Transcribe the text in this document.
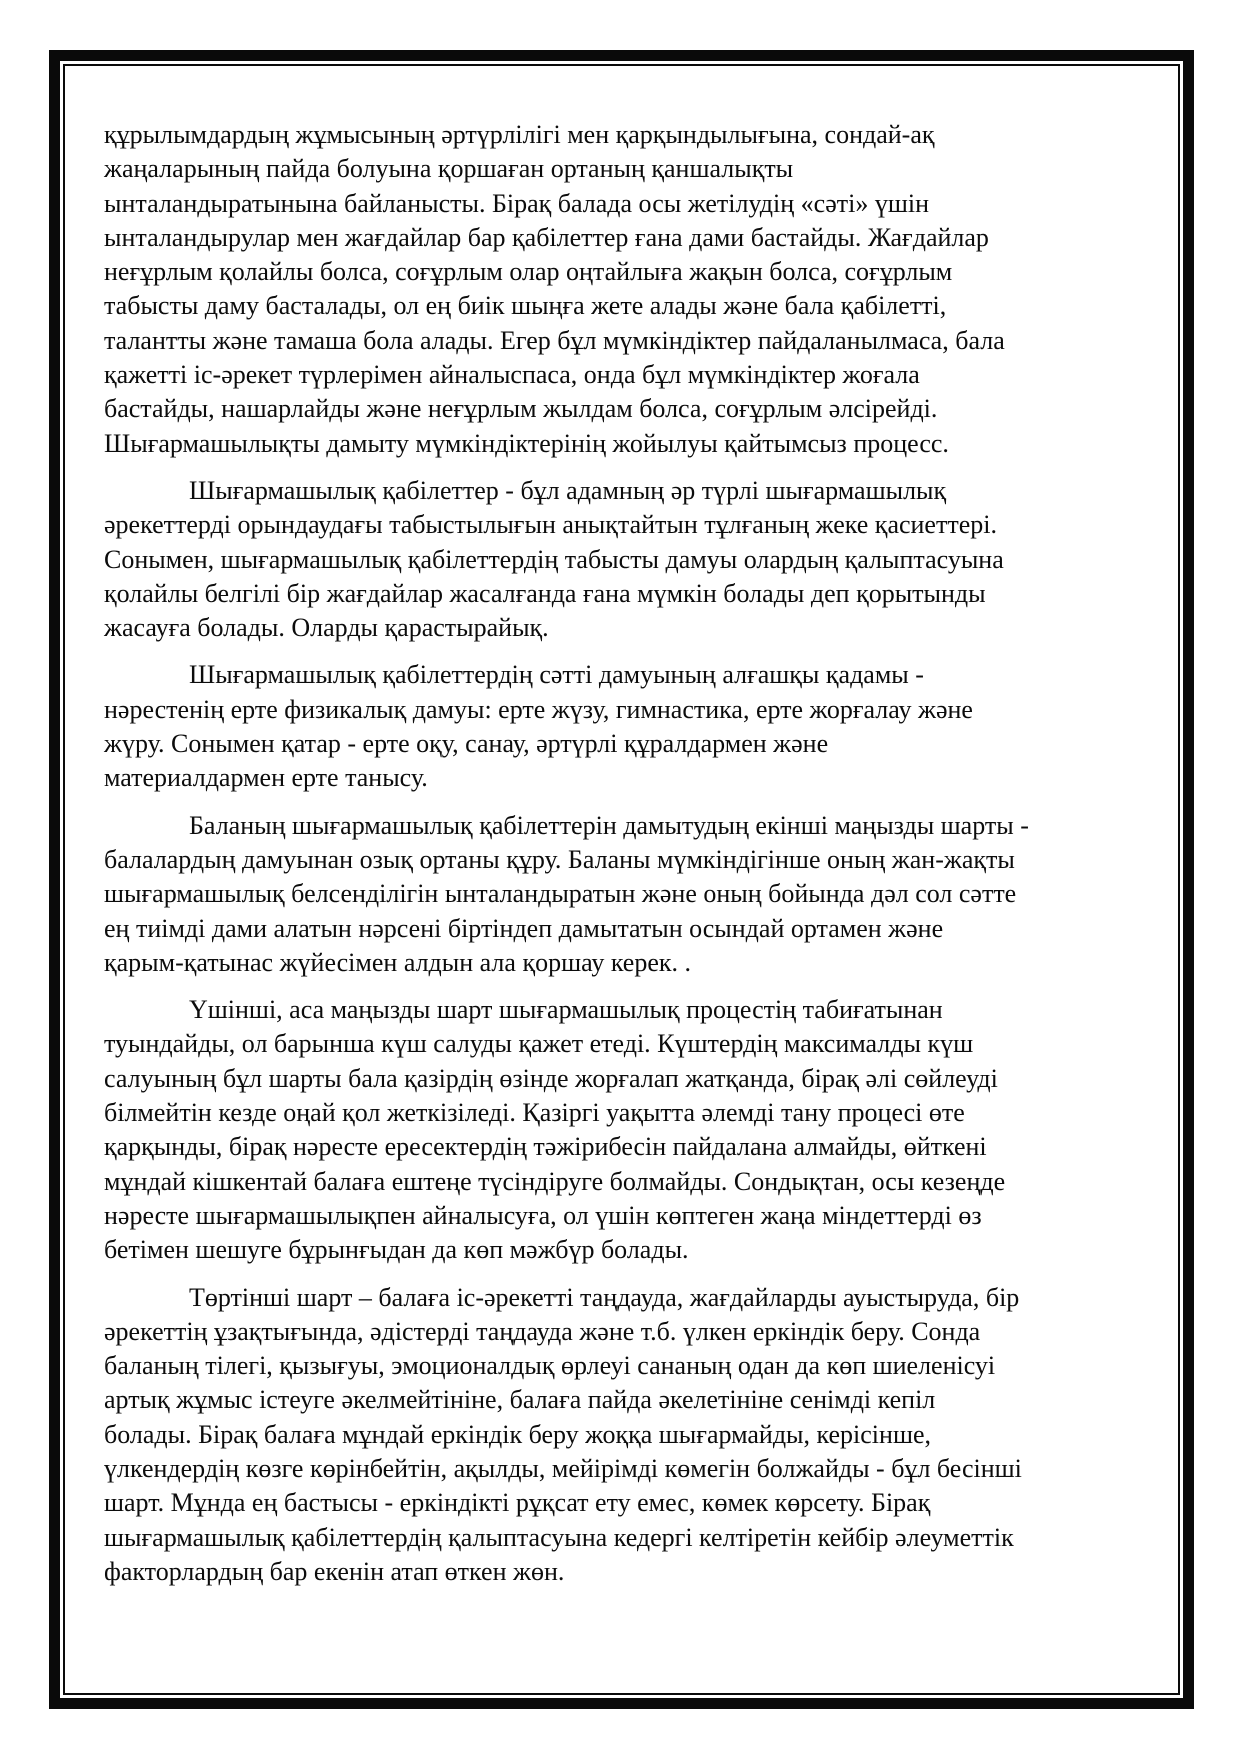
құрылымдардың жұмысының әртүрлілігі мен қарқындылығына, сондай-ақ
жаңаларының пайда болуына қоршаған ортаның қаншалықты
ынталандыратынына байланысты. Бірақ балада осы жетілудің «сәті» үшін
ынталандырулар мен жағдайлар бар қабілеттер ғана дами бастайды. Жағдайлар
неғұрлым қолайлы болса, соғұрлым олар оңтайлыға жақын болса, соғұрлым
табысты даму басталады, ол ең биік шыңға жете алады және бала қабілетті,
талантты және тамаша бола алады. Егер бұл мүмкіндіктер пайдаланылмаса, бала
қажетті іс-әрекет түрлерімен айналыспаса, онда бұл мүмкіндіктер жоғала
бастайды, нашарлайды және неғұрлым жылдам болса, соғұрлым әлсірейді.
Шығармашылықты дамыту мүмкіндіктерінің жойылуы қайтымсыз процесс.

Шығармашылық қабілеттер - бұл адамның әр түрлі шығармашылық
әрекеттерді орындаудағы табыстылығын анықтайтын тұлғаның жеке қасиеттері.
Сонымен, шығармашылық қабілеттердің табысты дамуы олардың қалыптасуына
қолайлы белгілі бір жағдайлар жасалғанда ғана мүмкін болады деп қорытынды
жасауға болады. Оларды қарастырайық.

Шығармашылық қабілеттердің сәтті дамуының алғашқы қадамы -
нәрестенің ерте физикалық дамуы: ерте жүзу, гимнастика, ерте жорғалау және
жүру. Сонымен қатар - ерте оқу, санау, әртүрлі құралдармен және
материалдармен ерте танысу.

Баланың шығармашылық қабілеттерін дамытудың екінші маңызды шарты -
балалардың дамуынан озық ортаны құру. Баланы мүмкіндігінше оның жан-жақты
шығармашылық белсенділігін ынталандыратын және оның бойында дәл сол сәтте
ең тиімді дами алатын нәрсені біртіндеп дамытатын осындай ортамен және
қарым-қатынас жүйесімен алдын ала қоршау керек. .

Үшінші, аса маңызды шарт шығармашылық процестің табиғатынан
туындайды, ол барынша күш салуды қажет етеді. Күштердің максималды күш
салуының бұл шарты бала қазірдің өзінде жорғалап жатқанда, бірақ әлі сөйлеуді
білмейтін кезде оңай қол жеткізіледі. Қазіргі уақытта әлемді тану процесі өте
қарқынды, бірақ нәресте ересектердің тәжірибесін пайдалана алмайды, өйткені
мұндай кішкентай балаға ештеңе түсіндіруге болмайды. Сондықтан, осы кезеңде
нәресте шығармашылықпен айналысуға, ол үшін көптеген жаңа міндеттерді өз
бетімен шешуге бұрынғыдан да көп мәжбүр болады.

Төртінші шарт – балаға іс-әрекетті таңдауда, жағдайларды ауыстыруда, бір
әрекеттің ұзақтығында, әдістерді таңдауда және т.б. үлкен еркіндік беру. Сонда
баланың тілегі, қызығуы, эмоционалдық өрлеуі сананың одан да көп шиеленісуі
артық жұмыс істеуге әкелмейтініне, балаға пайда әкелетініне сенімді кепіл
болады. Бірақ балаға мұндай еркіндік беру жоққа шығармайды, керісінше,
үлкендердің көзге көрінбейтін, ақылды, мейірімді көмегін болжайды - бұл бесінші
шарт. Мұнда ең бастысы - еркіндікті рұқсат ету емес, көмек көрсету. Бірақ
шығармашылық қабілеттердің қалыптасуына кедергі келтіретін кейбір әлеуметтік
факторлардың бар екенін атап өткен жөн.
